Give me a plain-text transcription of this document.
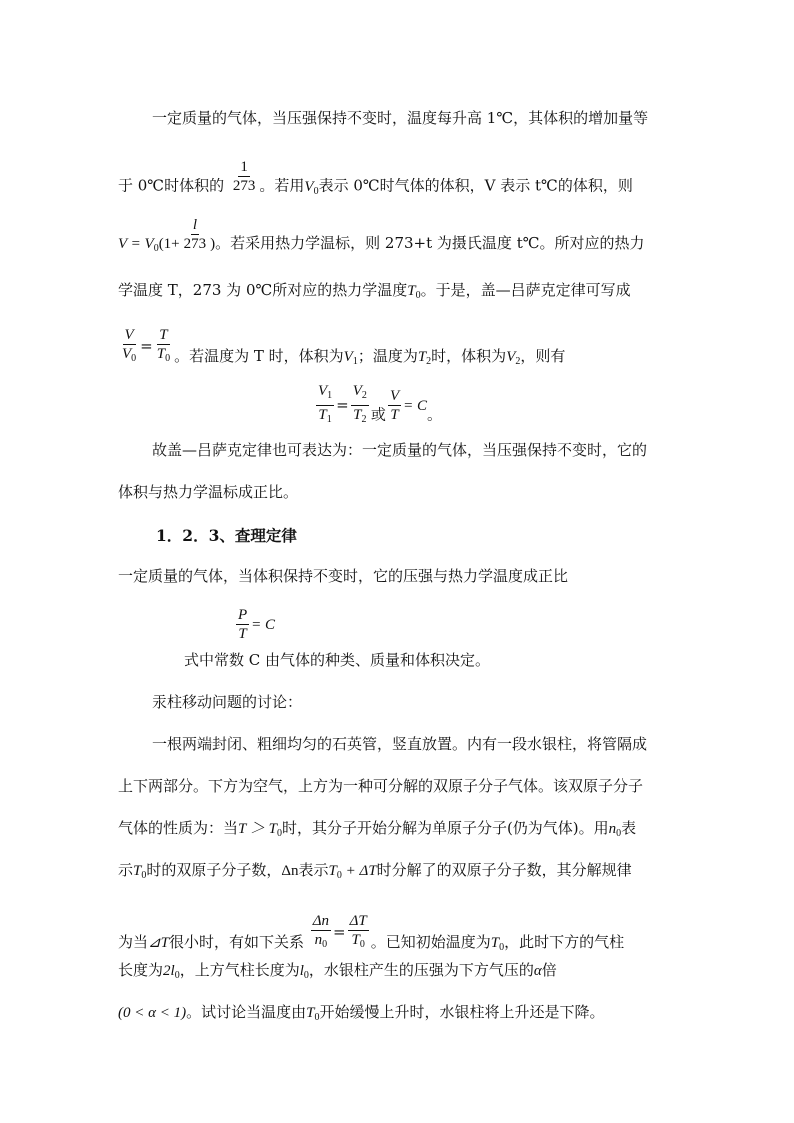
一定质量的气体，当压强保持不变时，温度每升高 1℃，其体积的增加量等
于 0℃时体积的 $\frac{1}{273}$ 。若用$V_0$表示 0℃时气体的体积，V 表示 t℃的体积，则
$V = V_0(1+ \frac{l}{273}$ )。若采用热力学温标，则 273+t 为摄氏温度 t℃。所对应的热力
学温度 T，273 为 0℃所对应的热力学温度$T_0$。于是，盖—吕萨克定律可写成
$\frac{V}{V_0} = \frac{T}{T_0}$ 。若温度为 T 时，体积为$V_1$；温度为$T_2$时，体积为$V_2$，则有
$\frac{V_1}{T_1} = \frac{V_2}{T_2}$ 或 $\frac{V}{T} = C$。
故盖—吕萨克定律也可表达为：一定质量的气体，当压强保持不变时，它的
体积与热力学温标成正比。
1．2．3、查理定律
一定质量的气体，当体积保持不变时，它的压强与热力学温度成正比
$\frac{P}{T} = C$
式中常数 C 由气体的种类、质量和体积决定。
汞柱移动问题的讨论：
一根两端封闭、粗细均匀的石英管，竖直放置。内有一段水银柱，将管隔成
上下两部分。下方为空气，上方为一种可分解的双原子分子气体。该双原子分子
气体的性质为：当$T > T_0$时，其分子开始分解为单原子分子(仍为气体)。用$n_0$表
示$T_0$时的双原子分子数，Δn表示$T_0 + \Delta T$时分解了的双原子分子数，其分解规律
为当⊿T很小时，有如下关系 $\frac{\Delta n}{n_0} = \frac{\Delta T}{T_0}$ 。已知初始温度为$T_0$，此时下方的气柱
长度为$2l_0$，上方气柱长度为$l_0$，水银柱产生的压强为下方气压的α倍
(0 < α < 1)。试讨论当温度由$T_0$开始缓慢上升时，水银柱将上升还是下降。
